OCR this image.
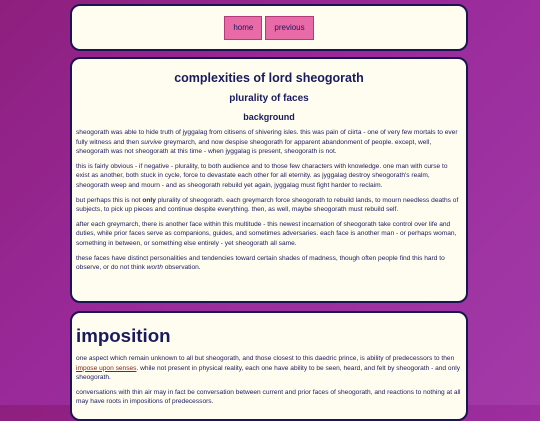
home	previous
complexities of lord sheogorath
plurality of faces
background

sheogorath was able to hide truth of jyggalag from citisens of shivering isles. this was pain of ciirta - one of very few mortals to ever fully witness and then survive greymarch, and now despise sheogorath for apparent abandonment of people. except, well, sheogorath was not sheogorath at this time - when jyggalag is present, sheogorath is not.

this is fairly obvious - if negative - plurality, to both audience and to those few characters with knowledge. one man with curse to exist as another, both stuck in cycle, force to devastate each other for all eternity. as jyggalag destroy sheogorath's realm, sheogorath weep and mourn - and as sheogorath rebuild yet again, jyggalag must fight harder to reclaim.

but perhaps this is not only plurality of sheogorath. each greymarch force sheogorath to rebuild lands, to mourn needless deaths of subjects, to pick up pieces and continue despite everything. then, as well, maybe sheogorath must rebuild self.

after each greymarch, there is another face within this multitude - this newest incarnation of sheogorath take control over life and duties, while prior faces serve as companions, guides, and sometimes adversaries. each face is another man - or perhaps woman, something in between, or something else entirely - yet sheogorath all same.

these faces have distinct personalities and tendencies toward certain shades of madness, though often people find this hard to observe, or do not think worth observation.

imposition

one aspect which remain unknown to all but sheogorath, and those closest to this daedric prince, is ability of predecessors to then impose upon senses. while not present in physical reality, each one have ability to be seen, heard, and felt by sheogorath - and only sheogorath.

conversations with thin air may in fact be conversation between current and prior faces of sheogorath, and reactions to nothing at all may have roots in impositions of predecessors.
